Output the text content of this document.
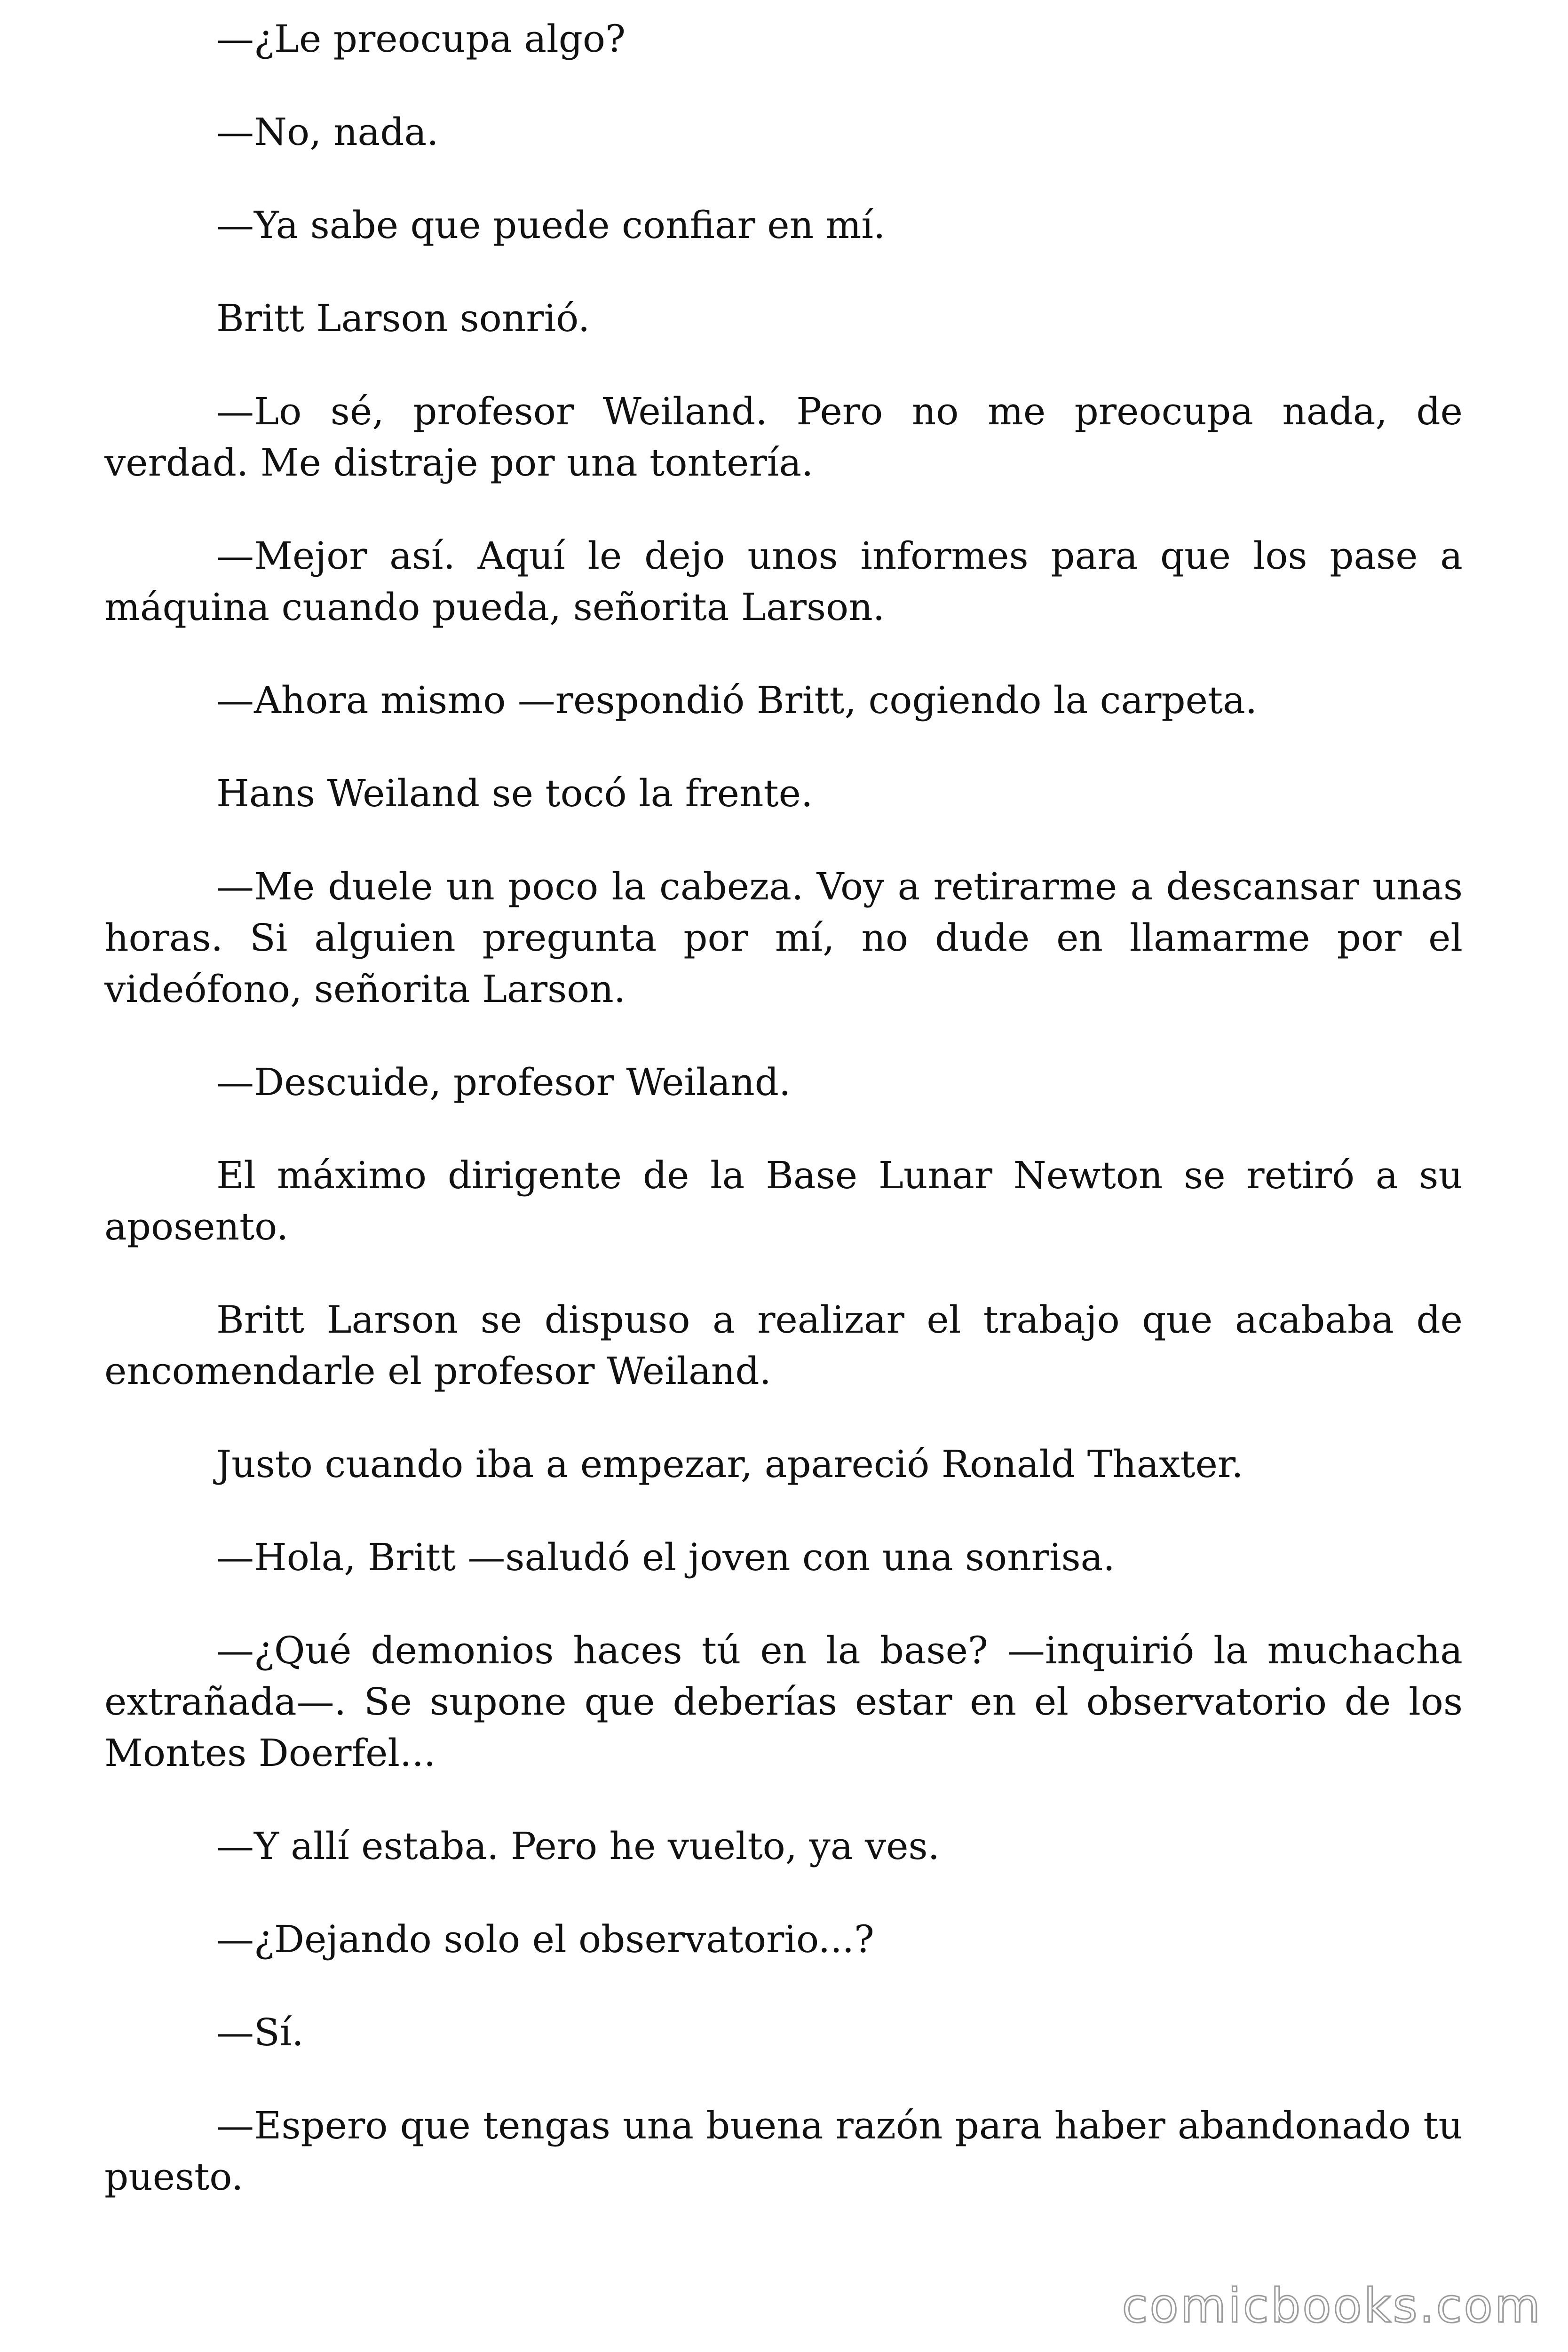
—¿Le preocupa algo?

—No, nada.

—Ya sabe que puede confiar en mí.

Britt Larson sonrió.

—Lo sé, profesor Weiland. Pero no me preocupa nada, de verdad. Me distraje por una tontería.

—Mejor así. Aquí le dejo unos informes para que los pase a máquina cuando pueda, señorita Larson.

—Ahora mismo —respondió Britt, cogiendo la carpeta.

Hans Weiland se tocó la frente.

—Me duele un poco la cabeza. Voy a retirarme a descansar unas horas. Si alguien pregunta por mí, no dude en llamarme por el videófono, señorita Larson.

—Descuide, profesor Weiland.

El máximo dirigente de la Base Lunar Newton se retiró a su aposento.

Britt Larson se dispuso a realizar el trabajo que acababa de encomendarle el profesor Weiland.

Justo cuando iba a empezar, apareció Ronald Thaxter.

—Hola, Britt —saludó el joven con una sonrisa.

—¿Qué demonios haces tú en la base? —inquirió la muchacha extrañada—. Se supone que deberías estar en el observatorio de los Montes Doerfel...

—Y allí estaba. Pero he vuelto, ya ves.

—¿Dejando solo el observatorio...?

—Sí.

—Espero que tengas una buena razón para haber abandonado tu puesto.

comicbooks.com
